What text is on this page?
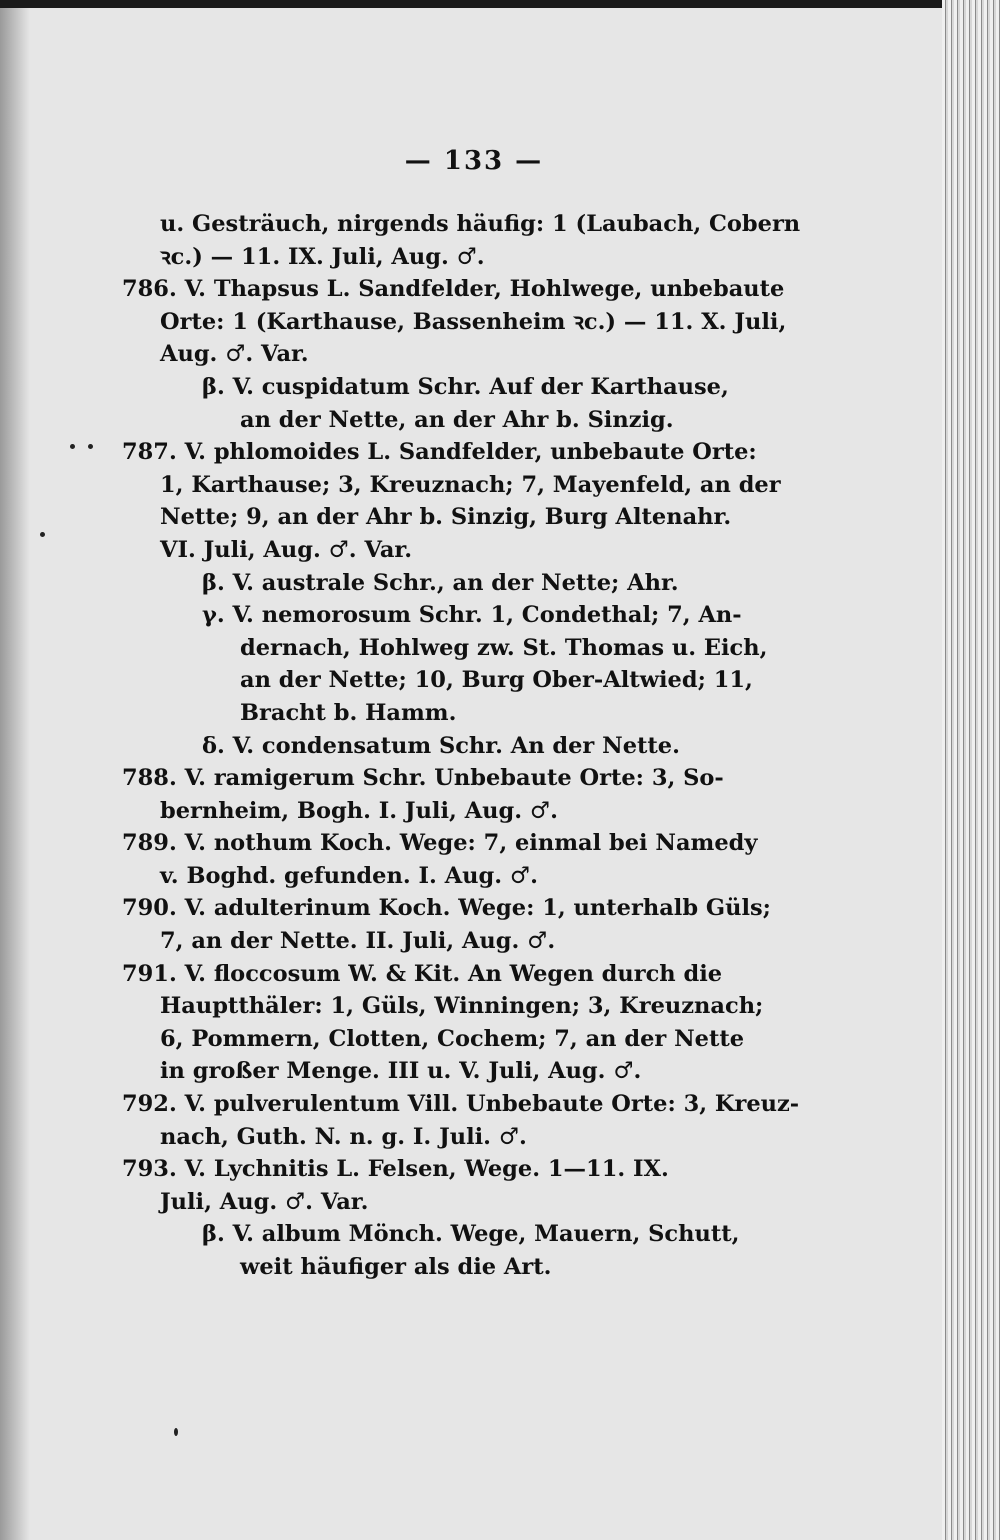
— 133 —
u. Gesträuch, nirgends häufig: 1 (Laubach, Cobern
ꝛc.) — 11. IX. Juli, Aug. ♂.
786. V. Thapsus L. Sandfelder, Hohlwege, unbebaute
Orte: 1 (Karthause, Bassenheim ꝛc.) — 11. X. Juli,
Aug. ♂. Var.
β. V. cuspidatum Schr. Auf der Karthause,
an der Nette, an der Ahr b. Sinzig.
787. V. phlomoides L. Sandfelder, unbebaute Orte:
1, Karthause; 3, Kreuznach; 7, Mayenfeld, an der
Nette; 9, an der Ahr b. Sinzig, Burg Altenahr.
VI. Juli, Aug. ♂. Var.
β. V. australe Schr., an der Nette; Ahr.
γ. V. nemorosum Schr. 1, Condethal; 7, An-
dernach, Hohlweg zw. St. Thomas u. Eich,
an der Nette; 10, Burg Ober-Altwied; 11,
Bracht b. Hamm.
δ. V. condensatum Schr. An der Nette.
788. V. ramigerum Schr. Unbebaute Orte: 3, So-
bernheim, Bogh. I. Juli, Aug. ♂.
789. V. nothum Koch. Wege: 7, einmal bei Namedy
v. Boghd. gefunden. I. Aug. ♂.
790. V. adulterinum Koch. Wege: 1, unterhalb Güls;
7, an der Nette. II. Juli, Aug. ♂.
791. V. floccosum W. & Kit. An Wegen durch die
Hauptthäler: 1, Güls, Winningen; 3, Kreuznach;
6, Pommern, Clotten, Cochem; 7, an der Nette
in großer Menge. III u. V. Juli, Aug. ♂.
792. V. pulverulentum Vill. Unbebaute Orte: 3, Kreuz-
nach, Guth. N. n. g. I. Juli. ♂.
793. V. Lychnitis L. Felsen, Wege. 1—11. IX.
Juli, Aug. ♂. Var.
β. V. album Mönch. Wege, Mauern, Schutt,
weit häufiger als die Art.
